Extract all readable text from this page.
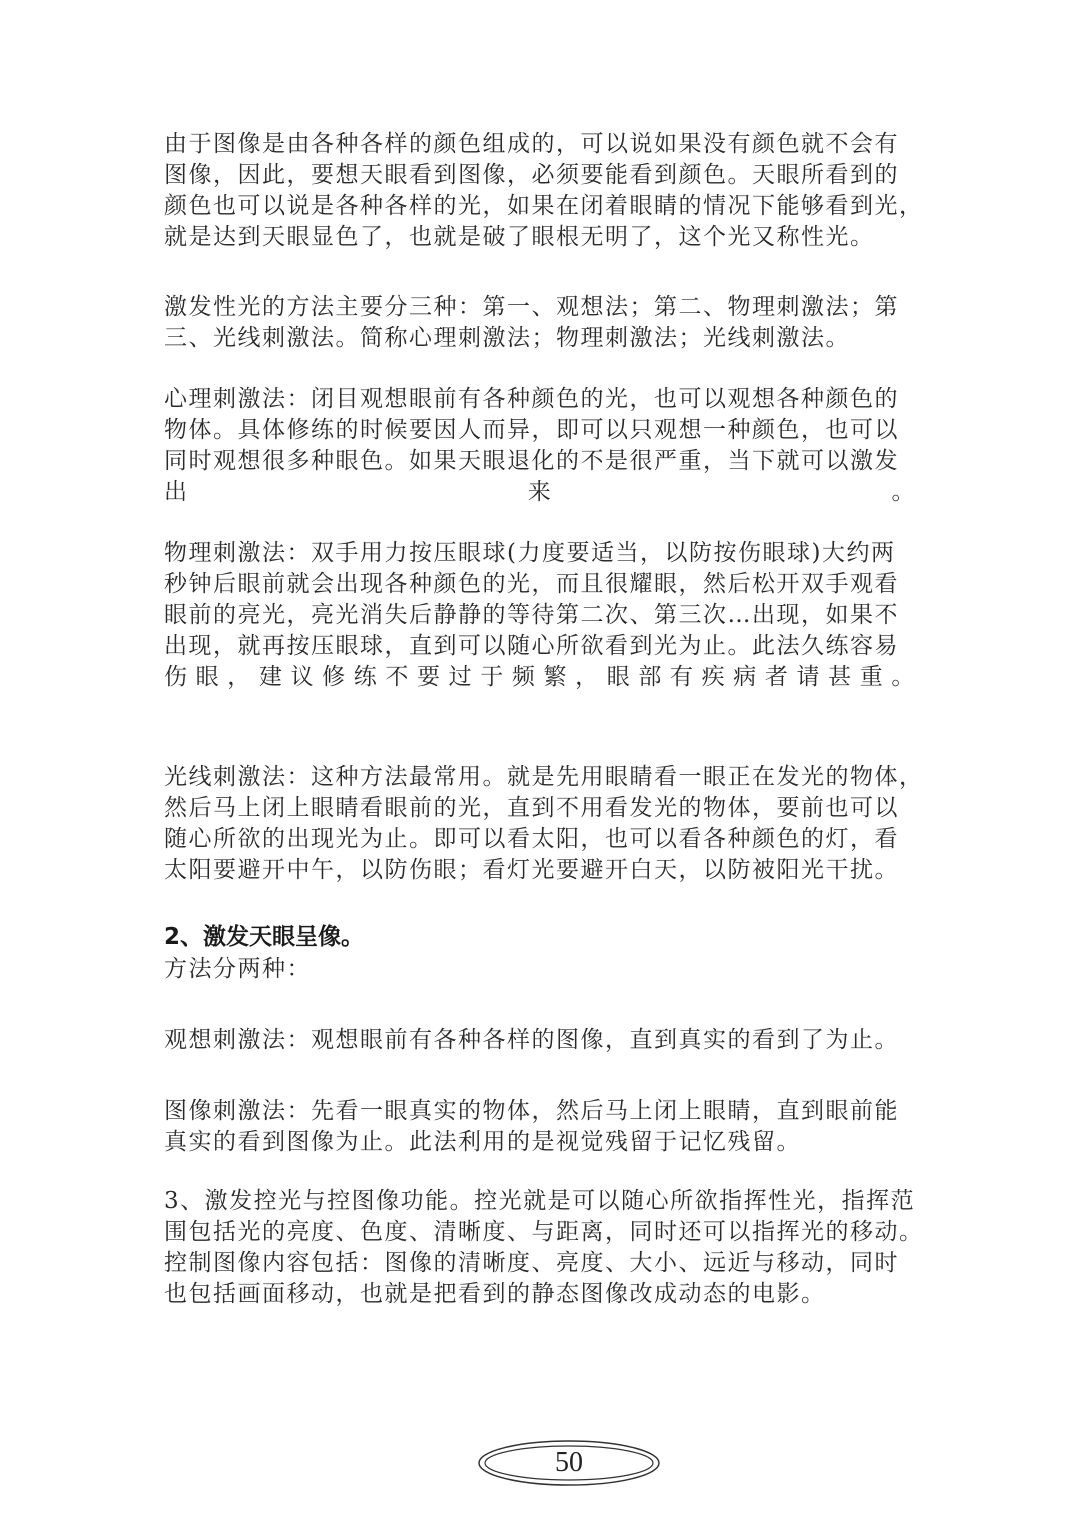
由于图像是由各种各样的颜色组成的，可以说如果没有颜色就不会有
图像，因此，要想天眼看到图像，必须要能看到颜色。天眼所看到的
颜色也可以说是各种各样的光，如果在闭着眼睛的情况下能够看到光，
就是达到天眼显色了，也就是破了眼根无明了，这个光又称性光。
激发性光的方法主要分三种：第一、观想法；第二、物理刺激法；第
三、光线刺激法。简称心理刺激法；物理刺激法；光线刺激法。
心理刺激法：闭目观想眼前有各种颜色的光，也可以观想各种颜色的
物体。具体修练的时候要因人而异，即可以只观想一种颜色，也可以
同时观想很多种眼色。如果天眼退化的不是很严重，当下就可以激发
出	来	。
物理刺激法：双手用力按压眼球(力度要适当，以防按伤眼球)大约两
秒钟后眼前就会出现各种颜色的光，而且很耀眼，然后松开双手观看
眼前的亮光，亮光消失后静静的等待第二次、第三次…出现，如果不
出现，就再按压眼球，直到可以随心所欲看到光为止。此法久练容易
伤 眼 ， 建 议 修 练 不 要 过 于 频 繁 ， 眼 部 有 疾 病 者 请 甚 重 。
光线刺激法：这种方法最常用。就是先用眼睛看一眼正在发光的物体，
然后马上闭上眼睛看眼前的光，直到不用看发光的物体，要前也可以
随心所欲的出现光为止。即可以看太阳，也可以看各种颜色的灯，看
太阳要避开中午，以防伤眼；看灯光要避开白天，以防被阳光干扰。
2、激发天眼呈像。
方法分两种：
观想刺激法：观想眼前有各种各样的图像，直到真实的看到了为止。
图像刺激法：先看一眼真实的物体，然后马上闭上眼睛，直到眼前能
真实的看到图像为止。此法利用的是视觉残留于记忆残留。
3、激发控光与控图像功能。控光就是可以随心所欲指挥性光，指挥范
围包括光的亮度、色度、清晰度、与距离，同时还可以指挥光的移动。
控制图像内容包括：图像的清晰度、亮度、大小、远近与移动，同时
也包括画面移动，也就是把看到的静态图像改成动态的电影。
50
